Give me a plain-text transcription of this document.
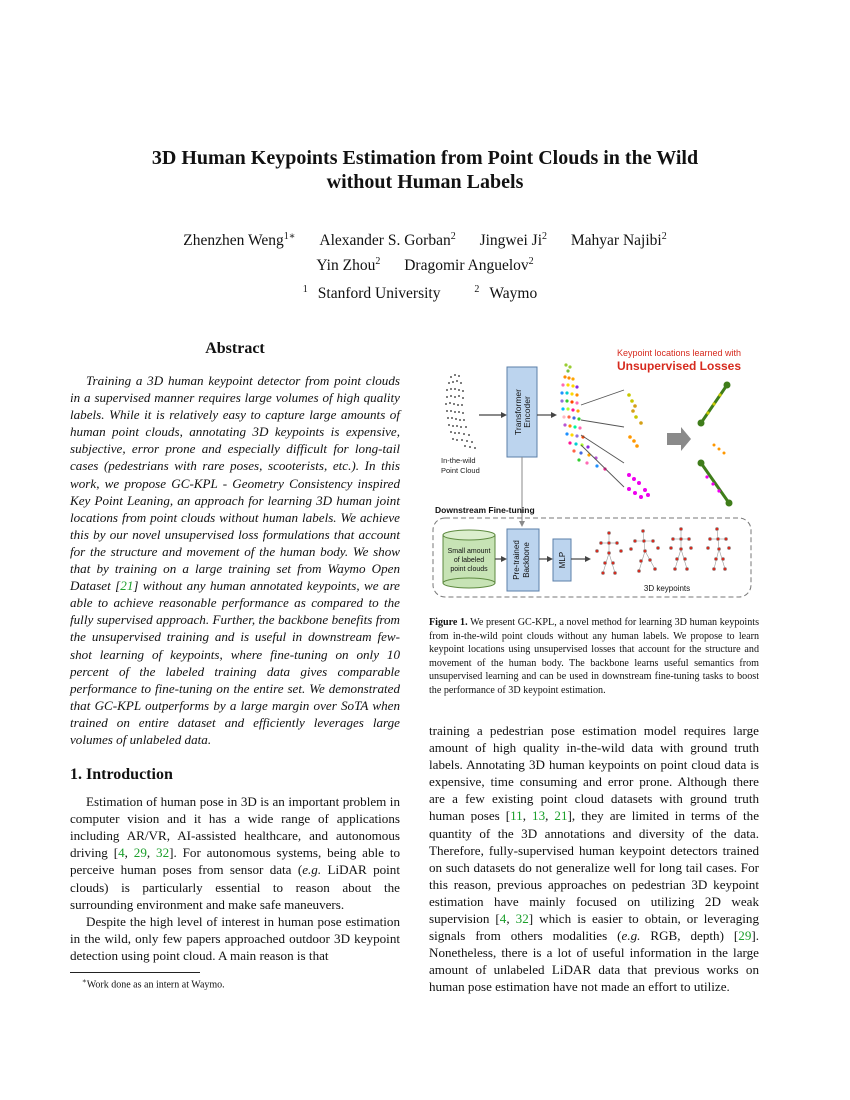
3D Human Keypoints Estimation from Point Clouds in the Wild
without Human Labels
Zhenzhen Weng$^{1∗}$ Alexander S. Gorban$^2$ Jingwei Ji$^2$ Mahyar Najibi$^2$
Yin Zhou$^2$ Dragomir Anguelov$^2$
$^1$ Stanford University	$^2$ Waymo
Abstract

Training a 3D human keypoint detector from point clouds in a supervised manner requires large volumes of high quality labels. While it is relatively easy to capture large amounts of human point clouds, annotating 3D keypoints is expensive, subjective, error prone and especially difficult for long-tail cases (pedestrians with rare poses, scooterists, etc.). In this work, we propose GC-KPL - Geometry Consistency inspired Key Point Leaning, an approach for learning 3D human joint locations from point clouds without human labels. We achieve this by our novel unsupervised loss formulations that account for the structure and movement of the human body. We show that by training on a large training set from Waymo Open Dataset [21] without any human annotated keypoints, we are able to achieve reasonable performance as compared to the fully supervised approach. Further, the backbone benefits from the unsupervised training and is useful in downstream few-shot learning of keypoints, where fine-tuning on only 10 percent of the labeled training data gives comparable performance to fine-tuning on the entire set. We demonstrated that GC-KPL outperforms by a large margin over SoTA when trained on entire dataset and efficiently leverages large volumes of unlabeled data.

1. Introduction

Estimation of human pose in 3D is an important problem in computer vision and it has a wide range of applications including AR/VR, AI-assisted healthcare, and autonomous driving [4, 29, 32]. For autonomous systems, being able to perceive human poses from sensor data (e.g. LiDAR point clouds) is particularly essential to reason about the surrounding environment and make safe maneuvers.

Despite the high level of interest in human pose estimation in the wild, only few papers approached outdoor 3D keypoint detection using point cloud. A main reason is that

∗Work done as an intern at Waymo.
Keypoint locations learned with
Unsupervised Losses
In-the-wild
Point Cloud
Transformer Encoder
Downstream Fine-tuning
Small amount
of labeled
point clouds	Pre-trained Backbone	MLP
3D keypoints
Figure 1. We present GC-KPL, a novel method for learning 3D human keypoints from in-the-wild point clouds without any human labels. We propose to learn keypoint locations using unsupervised losses that account for the structure and movement of the human body. The backbone learns useful semantics from unsupervised learning and can be used in downstream fine-tuning tasks to boost the performance of 3D keypoint estimation.

training a pedestrian pose estimation model requires large amount of high quality in-the-wild data with ground truth labels. Annotating 3D human keypoints on point cloud data is expensive, time consuming and error prone. Although there are a few existing point cloud datasets with ground truth human poses [11, 13, 21], they are limited in terms of the quantity of the 3D annotations and diversity of the data. Therefore, fully-supervised human keypoint detectors trained on such datasets do not generalize well for long tail cases. For this reason, previous approaches on pedestrian 3D keypoint estimation have mainly focused on utilizing 2D weak supervision [4, 32] which is easier to obtain, or leveraging signals from others modalities (e.g. RGB, depth) [29]. Nonetheless, there is a lot of useful information in the large amount of unlabeled LiDAR data that previous works on human pose estimation have not made an effort to utilize.
